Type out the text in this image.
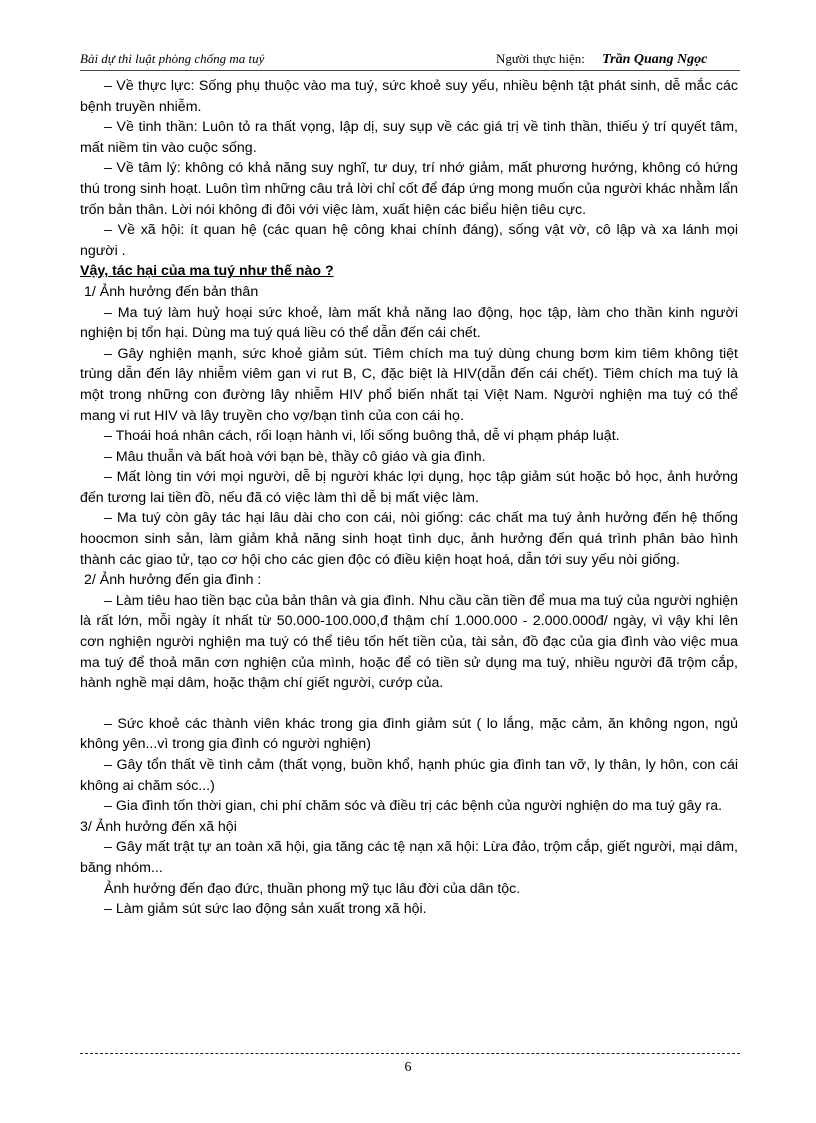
Bài dự thi luật phòng chống ma tuý	Người thực hiện: Trần Quang Ngọc

– Về thực lực: Sống phụ thuộc vào ma tuý, sức khoẻ suy yếu, nhiều bệnh tật phát sinh, dễ mắc các bệnh truyền nhiễm.

– Về tinh thần: Luôn tỏ ra thất vọng, lập dị, suy sụp về các giá trị về tinh thần, thiếu ý trí quyết tâm, mất niềm tin vào cuộc sống.

– Về tâm lý: không có khả năng suy nghĩ, tư duy, trí nhớ giảm, mất phương hướng, không có hứng thú trong sinh hoạt. Luôn tìm những câu trả lời chỉ cốt để đáp ứng mong muốn của người khác nhằm lẩn trốn bản thân. Lời nói không đi đôi với việc làm, xuất hiện các biểu hiện tiêu cực.

– Về xã hội: ít quan hệ (các quan hệ công khai chính đáng), sống vật vờ, cô lập và xa lánh mọi người .

Vậy, tác hại của ma tuý như thế nào ?

1/ Ảnh hưởng đến bản thân

– Ma tuý làm huỷ hoại sức khoẻ, làm mất khả năng lao động, học tập, làm cho thần kinh người nghiện bị tổn hại. Dùng ma tuý quá liều có thể dẫn đến cái chết.

– Gây nghiện mạnh, sức khoẻ giảm sút. Tiêm chích ma tuý dùng chung bơm kim tiêm không tiệt trùng dẫn đến lây nhiễm viêm gan vi rut B, C, đặc biệt là HIV(dẫn đến cái chết). Tiêm chích ma tuý là một trong những con đường lây nhiễm HIV phổ biến nhất tại Việt Nam. Người nghiện ma tuý có thể mang vi rut HIV và lây truyền cho vợ/bạn tình của con cái họ.

– Thoái hoá nhân cách, rối loạn hành vi, lối sống buông thả, dễ vi phạm pháp luật.

– Mâu thuẫn và bất hoà với bạn bè, thầy cô giáo và gia đình.

– Mất lòng tin với mọi người, dễ bị người khác lợi dụng, học tập giảm sút hoặc bỏ học, ảnh hưởng đến tương lai tiền đồ, nếu đã có việc làm thì dễ bị mất việc làm.

– Ma tuý còn gây tác hại lâu dài cho con cái, nòi giống: các chất ma tuý ảnh hưởng đến hệ thống hoocmon sinh sản, làm giảm khả năng sinh hoạt tình dục, ảnh hưởng đến quá trình phân bào hình thành các giao tử, tạo cơ hội cho các gien độc có điều kiện hoạt hoá, dẫn tới suy yếu nòi giống.

2/ Ảnh hưởng đến gia đình :

– Làm tiêu hao tiền bạc của bản thân và gia đình. Nhu cầu cần tiền để mua ma tuý của người nghiện là rất lớn, mỗi ngày ít nhất từ 50.000-100.000,đ thậm chí 1.000.000 - 2.000.000đ/ ngày, vì vậy khi lên cơn nghiện người nghiện ma tuý có thể tiêu tốn hết tiền của, tài sản, đồ đạc của gia đình vào việc mua ma tuý để thoả mãn cơn nghiện của mình, hoặc để có tiền sử dụng ma tuý, nhiều người đã trộm cắp, hành nghề mại dâm, hoặc thậm chí giết người, cướp của.

– Sức khoẻ các thành viên khác trong gia đình giảm sút ( lo lắng, mặc cảm, ăn không ngon, ngủ không yên...vì trong gia đình có người nghiện)

– Gây tổn thất về tình cảm (thất vọng, buồn khổ, hạnh phúc gia đình tan vỡ, ly thân, ly hôn, con cái không ai chăm sóc...)

– Gia đình tốn thời gian, chi phí chăm sóc và điều trị các bệnh của người nghiện do ma tuý gây ra.

3/ Ảnh hưởng đến xã hội

– Gây mất trật tự an toàn xã hội, gia tăng các tệ nạn xã hội: Lừa đảo, trộm cắp, giết người, mại dâm, băng nhóm...

Ảnh hưởng đến đạo đức, thuần phong mỹ tục lâu đời của dân tộc.

– Làm giảm sút sức lao động sản xuất trong xã hội.

6
